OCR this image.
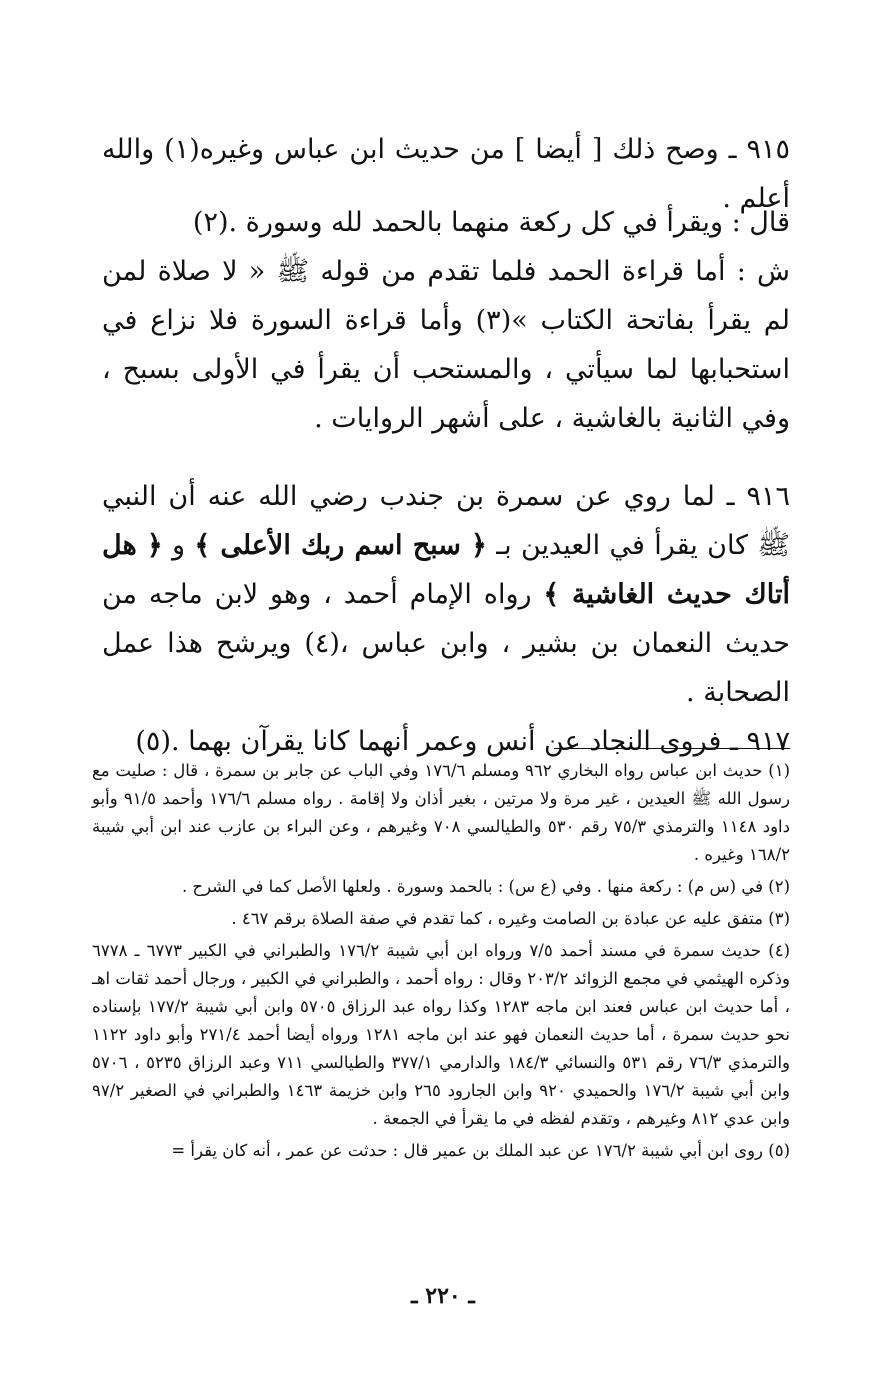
٩١٥ ـ وصح ذلك [ أيضا ] من حديث ابن عباس وغيره(١) والله أعلم .

قال : ويقرأ في كل ركعة منهما بالحمد لله وسورة .(٢)

ش : أما قراءة الحمد فلما تقدم من قوله ﷺ « لا صلاة لمن لم يقرأ بفاتحة الكتاب »(٣) وأما قراءة السورة فلا نزاع في استحبابها لما سيأتي ، والمستحب أن يقرأ في الأولى بسبح ، وفي الثانية بالغاشية ، على أشهر الروايات .

٩١٦ ـ لما روي عن سمرة بن جندب رضي الله عنه أن النبي ﷺ كان يقرأ في العيدين بـ ﴿ سبح اسم ربك الأعلى ﴾ و ﴿ هل أتاك حديث الغاشية ﴾ رواه الإمام أحمد ، وهو لابن ماجه من حديث النعمان بن بشير ، وابن عباس ،(٤) ويرشح هذا عمل الصحابة .

٩١٧ ـ فروى النجاد عن أنس وعمر أنهما كانا يقرآن بهما .(٥)

(١) حديث ابن عباس رواه البخاري ٩٦٢ ومسلم ١٧٦/٦ وفي الباب عن جابر بن سمرة ، قال : صليت مع رسول الله ﷺ العيدين ، غير مرة ولا مرتين ، بغير أذان ولا إقامة . رواه مسلم ١٧٦/٦ وأحمد ٩١/٥ وأبو داود ١١٤٨ والترمذي ٧٥/٣ رقم ٥٣٠ والطيالسي ٧٠٨ وغيرهم ، وعن البراء بن عازب عند ابن أبي شيبة ١٦٨/٢ وغيره .

(٢) في (س م) : ركعة منها . وفي (ع س) : بالحمد وسورة . ولعلها الأصل كما في الشرح .

(٣) متفق عليه عن عبادة بن الصامت وغيره ، كما تقدم في صفة الصلاة برقم ٤٦٧ .

(٤) حديث سمرة في مسند أحمد ٧/٥ ورواه ابن أبي شيبة ١٧٦/٢ والطبراني في الكبير ٦٧٧٣ ـ ٦٧٧٨ وذكره الهيثمي في مجمع الزوائد ٢٠٣/٢ وقال : رواه أحمد ، والطبراني في الكبير ، ورجال أحمد ثقات اهـ ، أما حديث ابن عباس فعند ابن ماجه ١٢٨٣ وكذا رواه عبد الرزاق ٥٧٠٥ وابن أبي شيبة ١٧٧/٢ بإسناده نحو حديث سمرة ، أما حديث النعمان فهو عند ابن ماجه ١٢٨١ ورواه أيضا أحمد ٢٧١/٤ وأبو داود ١١٢٢ والترمذي ٧٦/٣ رقم ٥٣١ والنسائي ١٨٤/٣ والدارمي ٣٧٧/١ والطيالسي ٧١١ وعبد الرزاق ٥٢٣٥ ، ٥٧٠٦ وابن أبي شيبة ١٧٦/٢ والحميدي ٩٢٠ وابن الجارود ٢٦٥ وابن خزيمة ١٤٦٣ والطبراني في الصغير ٩٧/٢ وابن عدي ٨١٢ وغيرهم ، وتقدم لفظه في ما يقرأ في الجمعة .

(٥) روى ابن أبي شيبة ١٧٦/٢ عن عبد الملك بن عمير قال : حدثت عن عمر ، أنه كان يقرأ =

ـ ٢٢٠ ـ
